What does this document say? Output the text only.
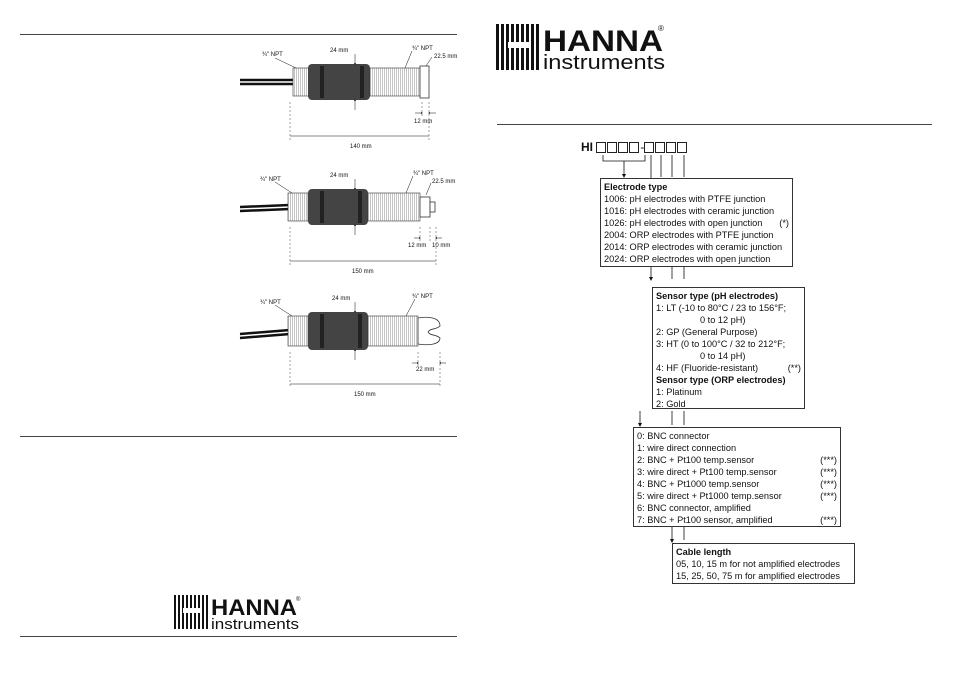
¾" NPT
24 mm	¾" NPT
22.5 mm
12 mm
140 mm
¾" NPT
24 mm	¾" NPT
22.5 mm
12 mm 10 mm
150 mm
¾" NPT
24 mm	¾" NPT
22 mm
150 mm
HANNA
instruments
®
HANNA
instruments
®
HI	-
Electrode type
1006: pH electrodes with PTFE junction
1016: pH electrodes with ceramic junction
1026: pH electrodes with open junction (*)
2004: ORP electrodes with PTFE junction
2014: ORP electrodes with ceramic junction
2024: ORP electrodes with open junction
Sensor type (pH electrodes)
1: LT (-10 to 80°C / 23 to 156°F;
0 to 12 pH)
2: GP (General Purpose)
3: HT (0 to 100°C / 32 to 212°F;
0 to 14 pH)
4: HF (Fluoride-resistant)	(**)
Sensor type (ORP electrodes)
1: Platinum
2: Gold
0: BNC connector
1: wire direct connection
2: BNC + Pt100 temp.sensor	(***)
3: wire direct + Pt100 temp.sensor	(***)
4: BNC + Pt1000 temp.sensor	(***)
5: wire direct + Pt1000 temp.sensor	(***)
6: BNC connector, amplified
7: BNC + Pt100 sensor, amplified	(***)
Cable length
05, 10, 15 m for not amplified electrodes
15, 25, 50, 75 m for amplified electrodes
